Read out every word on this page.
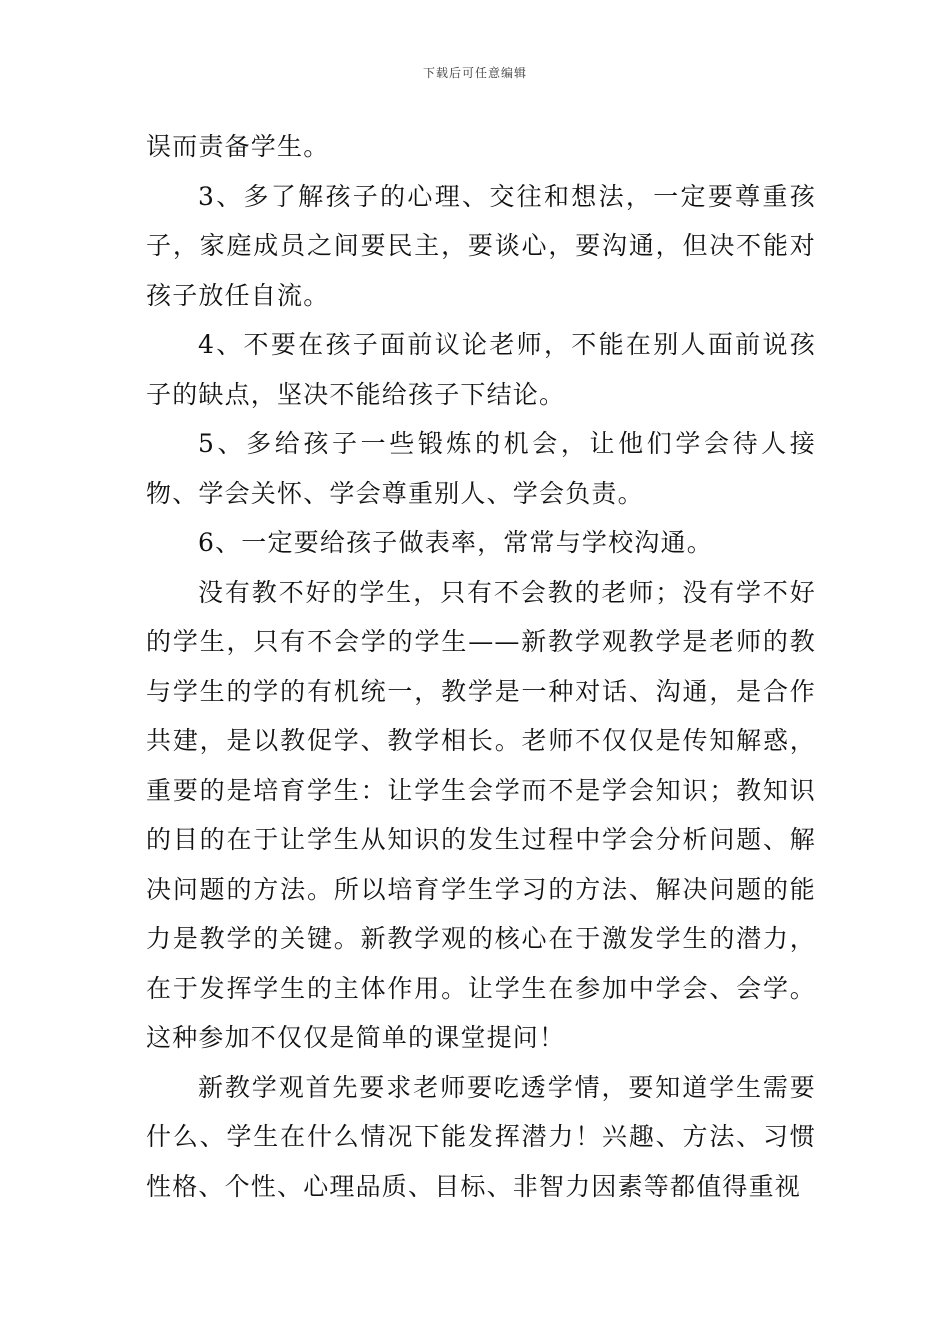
下载后可任意编辑

误而责备学生。

3、多了解孩子的心理、交往和想法，一定要尊重孩子，家庭成员之间要民主，要谈心，要沟通，但决不能对孩子放任自流。

4、不要在孩子面前议论老师，不能在别人面前说孩子的缺点，坚决不能给孩子下结论。

5、多给孩子一些锻炼的机会，让他们学会待人接物、学会关怀、学会尊重别人、学会负责。

6、一定要给孩子做表率，常常与学校沟通。

没有教不好的学生，只有不会教的老师；没有学不好的学生，只有不会学的学生——新教学观教学是老师的教与学生的学的有机统一，教学是一种对话、沟通，是合作共建，是以教促学、教学相长。老师不仅仅是传知解惑，重要的是培育学生：让学生会学而不是学会知识；教知识的目的在于让学生从知识的发生过程中学会分析问题、解决问题的方法。所以培育学生学习的方法、解决问题的能力是教学的关键。新教学观的核心在于激发学生的潜力，在于发挥学生的主体作用。让学生在参加中学会、会学。这种参加不仅仅是简单的课堂提问！

新教学观首先要求老师要吃透学情，要知道学生需要什么、学生在什么情况下能发挥潜力！兴趣、方法、习惯性格、个性、心理品质、目标、非智力因素等都值得重视
